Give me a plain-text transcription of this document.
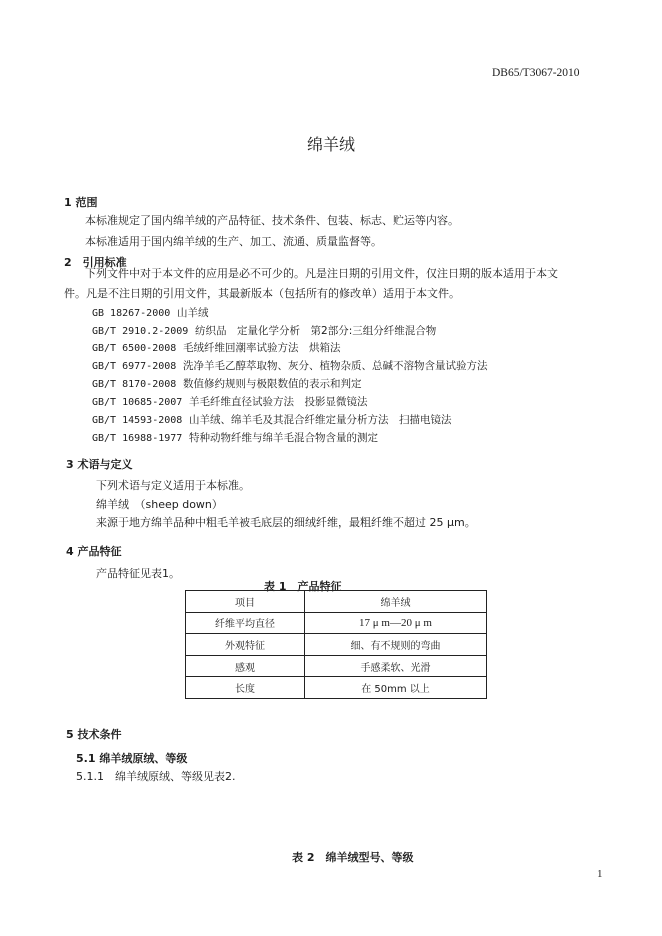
DB65/T3067-2010
绵羊绒
1 范围
本标准规定了国内绵羊绒的产品特征、技术条件、包装、标志、贮运等内容。
本标准适用于国内绵羊绒的生产、加工、流通、质量监督等。
2　引用标准
下列文件中对于本文件的应用是必不可少的。凡是注日期的引用文件，仅注日期的版本适用于本文
件。凡是不注日期的引用文件，其最新版本（包括所有的修改单）适用于本文件。
GB 18267-2000 山羊绒
GB/T 2910.2-2009 纺织品　定量化学分析　第2部分:三组分纤维混合物
GB/T 6500-2008 毛绒纤维回潮率试验方法　烘箱法
GB/T 6977-2008 洗净羊毛乙醇萃取物、灰分、植物杂质、总碱不溶物含量试验方法
GB/T 8170-2008 数值修约规则与极限数值的表示和判定
GB/T 10685-2007 羊毛纤维直径试验方法　投影显微镜法
GB/T 14593-2008 山羊绒、绵羊毛及其混合纤维定量分析方法　扫描电镜法
GB/T 16988-1977 特种动物纤维与绵羊毛混合物含量的测定
3 术语与定义
下列术语与定义适用于本标准。
绵羊绒　（sheep down）
来源于地方绵羊品种中粗毛羊被毛底层的细绒纤维，最粗纤维不超过 25 μm。
4 产品特征
产品特征见表1。
表 1　产品特征
项目	绵羊绒
纤维平均直径	17 μ m—20 μ m
外观特征	细、有不规则的弯曲
感观	手感柔软、光滑
长度	在 50mm 以上
5 技术条件
5.1 绵羊绒原绒、等级
5.1.1　绵羊绒原绒、等级见表2.
表 2　绵羊绒型号、等级
1
